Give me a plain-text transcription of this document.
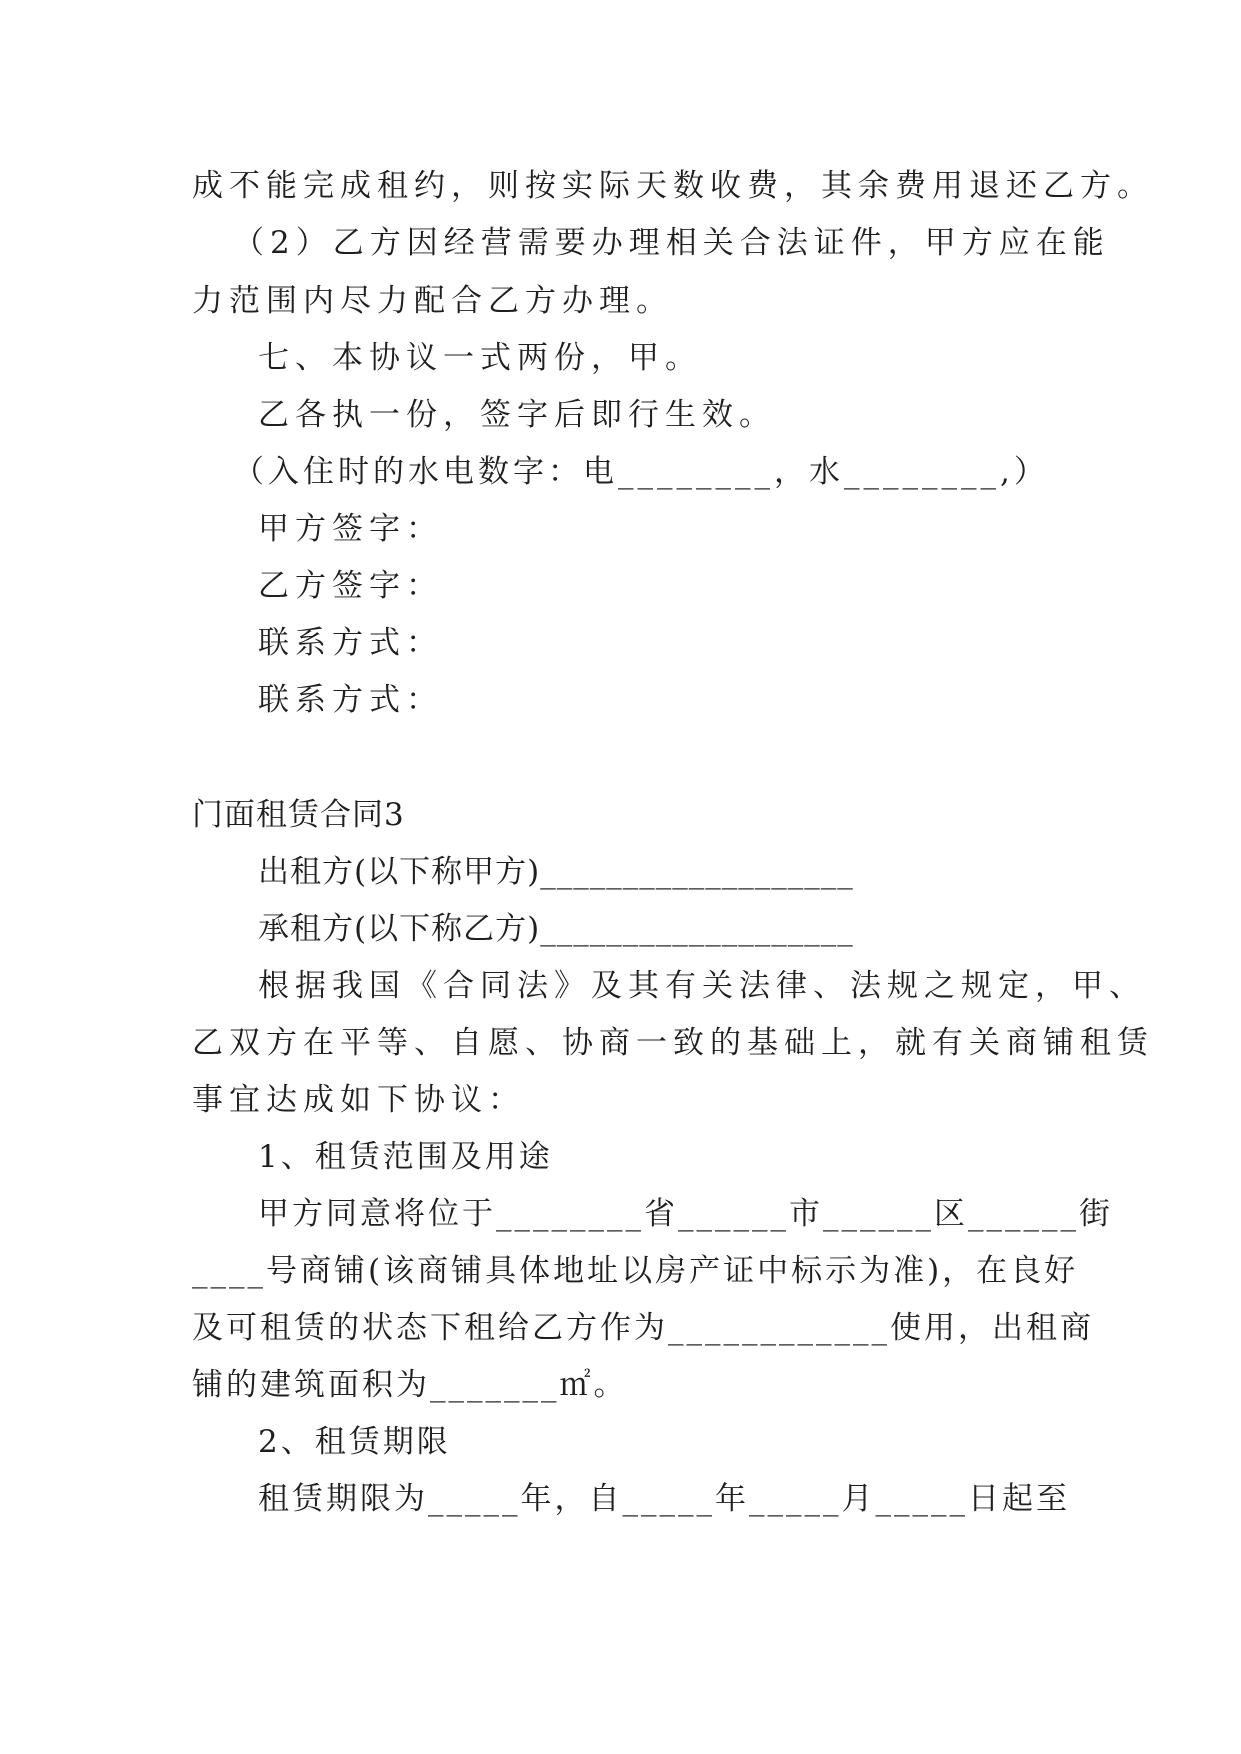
成不能完成租约，则按实际天数收费，其余费用退还乙方。
（2）乙方因经营需要办理相关合法证件，甲方应在能
力范围内尽力配合乙方办理。
七、本协议一式两份，甲。
乙各执一份，签字后即行生效。
（入住时的水电数字：电________，水________,）
甲方签字：
乙方签字：
联系方式：
联系方式：
门面租赁合同3
出租方(以下称甲方)___________________
承租方(以下称乙方)___________________
根据我国《合同法》及其有关法律、法规之规定，甲、
乙双方在平等、自愿、协商一致的基础上，就有关商铺租赁
事宜达成如下协议：
1、租赁范围及用途
甲方同意将位于________省______市______区______街
____号商铺(该商铺具体地址以房产证中标示为准)，在良好
及可租赁的状态下租给乙方作为____________使用，出租商
铺的建筑面积为_______㎡。
2、租赁期限
租赁期限为_____年，自_____年_____月_____日起至
